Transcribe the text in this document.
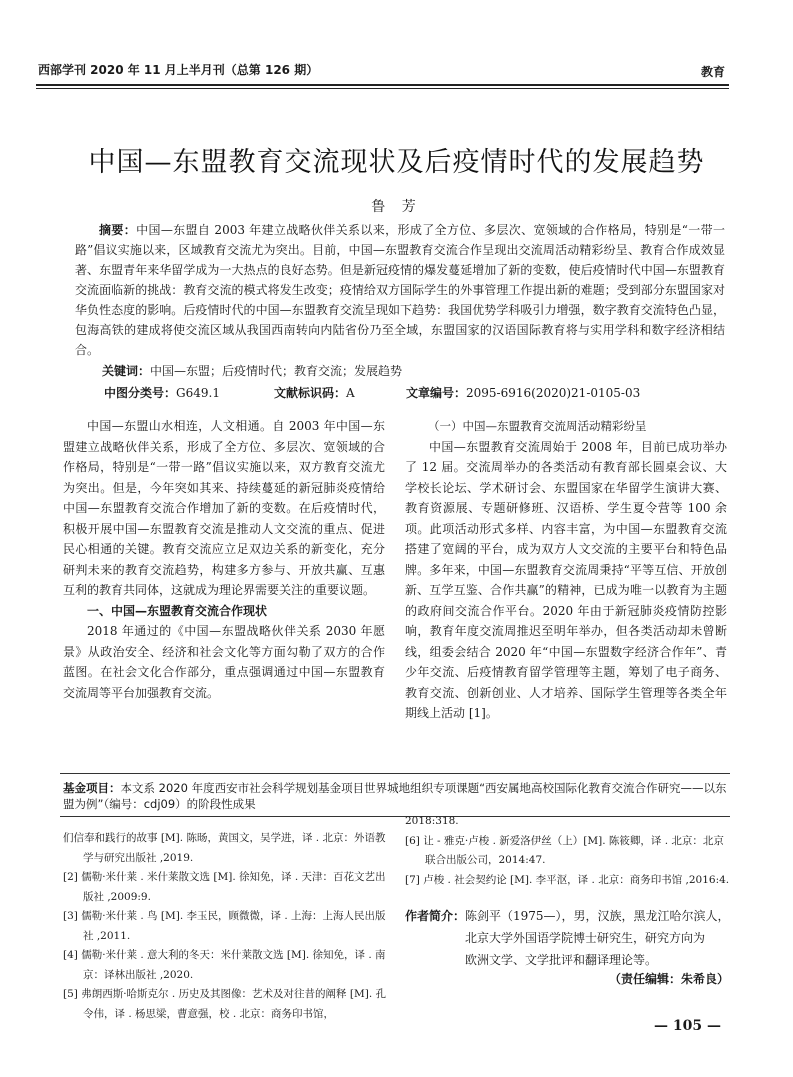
西部学刊 2020 年 11 月上半月刊（总第 126 期）	教育
中国—东盟教育交流现状及后疫情时代的发展趋势
鲁 芳
摘要：中国—东盟自 2003 年建立战略伙伴关系以来，形成了全方位、多层次、宽领域的合作格局，特别是“一带一路”倡议实施以来，区域教育交流尤为突出。目前，中国—东盟教育交流合作呈现出交流周活动精彩纷呈、教育合作成效显著、东盟青年来华留学成为一大热点的良好态势。但是新冠疫情的爆发蔓延增加了新的变数，使后疫情时代中国—东盟教育交流面临新的挑战：教育交流的模式将发生改变；疫情给双方国际学生的外事管理工作提出新的难题；受到部分东盟国家对华负性态度的影响。后疫情时代的中国—东盟教育交流呈现如下趋势：我国优势学科吸引力增强，数字教育交流特色凸显，包海高铁的建成将使交流区域从我国西南转向内陆省份乃至全域，东盟国家的汉语国际教育将与实用学科和数字经济相结合。
关键词：中国—东盟；后疫情时代；教育交流；发展趋势
中图分类号：G649.1	文献标识码：A	文章编号：2095-6916(2020)21-0105-03

中国—东盟山水相连，人文相通。自 2003 年中国—东盟建立战略伙伴关系，形成了全方位、多层次、宽领域的合作格局，特别是“一带一路”倡议实施以来，双方教育交流尤为突出。但是，今年突如其来、持续蔓延的新冠肺炎疫情给中国—东盟教育交流合作增加了新的变数。在后疫情时代，积极开展中国—东盟教育交流是推动人文交流的重点、促进民心相通的关键。教育交流应立足双边关系的新变化，充分研判未来的教育交流趋势，构建多方参与、开放共赢、互惠互利的教育共同体，这就成为理论界需要关注的重要议题。

一、中国—东盟教育交流合作现状

2018 年通过的《中国—东盟战略伙伴关系 2030 年愿景》从政治安全、经济和社会文化等方面勾勒了双方的合作蓝图。在社会文化合作部分，重点强调通过中国—东盟教育交流周等平台加强教育交流。

（一）中国—东盟教育交流周活动精彩纷呈

中国—东盟教育交流周始于 2008 年，目前已成功举办了 12 届。交流周举办的各类活动有教育部长圆桌会议、大学校长论坛、学术研讨会、东盟国家在华留学生演讲大赛、教育资源展、专题研修班、汉语桥、学生夏令营等 100 余项。此项活动形式多样、内容丰富，为中国—东盟教育交流搭建了宽阔的平台，成为双方人文交流的主要平台和特色品牌。多年来，中国—东盟教育交流周秉持“平等互信、开放创新、互学互鉴、合作共赢”的精神，已成为唯一以教育为主题的政府间交流合作平台。2020 年由于新冠肺炎疫情防控影响，教育年度交流周推迟至明年举办，但各类活动却未曾断线，组委会结合 2020 年“中国—东盟数字经济合作年”、青少年交流、后疫情教育留学管理等主题，筹划了电子商务、教育交流、创新创业、人才培养、国际学生管理等各类全年期线上活动 [1]。

基金项目：本文系 2020 年度西安市社会科学规划基金项目世界城地组织专项课题“西安属地高校国际化教育交流合作研究——以东盟为例”（编号：cdj09）的阶段性成果

们信奉和践行的故事 [M]. 陈旸，黄国文，吴学进，译 . 北京：外语教学与研究出版社 ,2019.

[2] 儒勒·米什莱 . 米什莱散文选 [M]. 徐知免，译 . 天津：百花文艺出版社 ,2009:9.

[3] 儒勒·米什莱 . 鸟 [M]. 李玉民，顾微微，译 . 上海：上海人民出版社 ,2011.

[4] 儒勒·米什莱 . 意大利的冬天：米什莱散文选 [M]. 徐知免，译 . 南京：译林出版社 ,2020.

[5] 弗朗西斯·哈斯克尔 . 历史及其图像：艺术及对往昔的阐释 [M]. 孔令伟，译 . 杨思梁，曹意强，校 . 北京：商务印书馆，

2018:318.

[6] 让 - 雅克·卢梭 . 新爱洛伊丝（上）[M]. 陈筱卿，译 . 北京：北京联合出版公司，2014:47.

[7] 卢梭 . 社会契约论 [M]. 李平沤，译 . 北京：商务印书馆 ,2016:4.

作者简介：陈剑平（1975—），男，汉族，黑龙江哈尔滨人，
北京大学外国语学院博士研究生，研究方向为
欧洲文学、文学批评和翻译理论等。
（责任编辑：朱希良）
— 105 —
